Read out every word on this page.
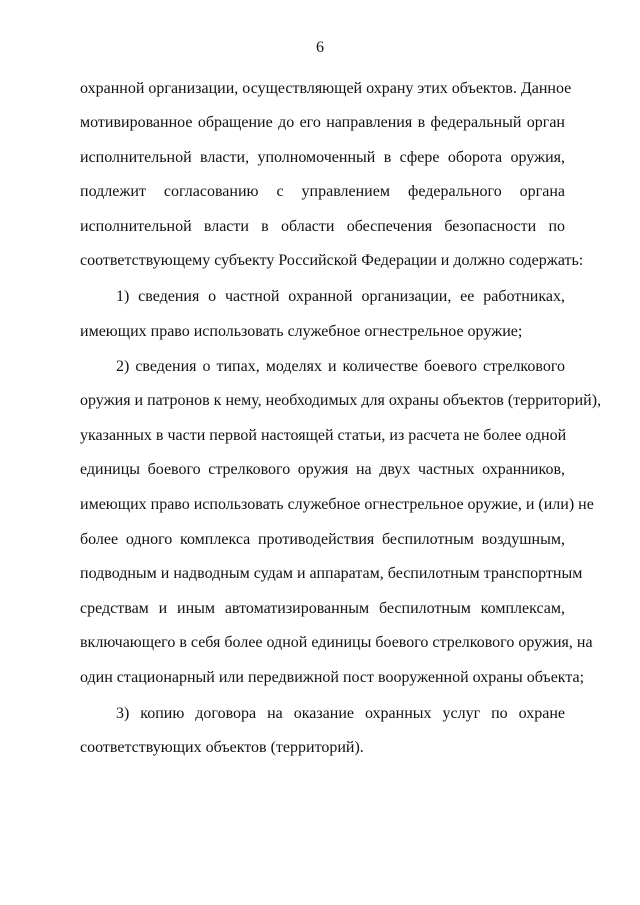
6
охранной организации, осуществляющей охрану этих объектов. Данное
мотивированное обращение до его направления в федеральный орган
исполнительной власти, уполномоченный в сфере оборота оружия,
подлежит согласованию с управлением федерального органа
исполнительной власти в области обеспечения безопасности по
соответствующему субъекту Российской Федерации и должно содержать:
1) сведения о частной охранной организации, ее работниках,
имеющих право использовать служебное огнестрельное оружие;
2) сведения о типах, моделях и количестве боевого стрелкового
оружия и патронов к нему, необходимых для охраны объектов (территорий),
указанных в части первой настоящей статьи, из расчета не более одной
единицы боевого стрелкового оружия на двух частных охранников,
имеющих право использовать служебное огнестрельное оружие, и (или) не
более одного комплекса противодействия беспилотным воздушным,
подводным и надводным судам и аппаратам, беспилотным транспортным
средствам и иным автоматизированным беспилотным комплексам,
включающего в себя более одной единицы боевого стрелкового оружия, на
один стационарный или передвижной пост вооруженной охраны объекта;
3) копию договора на оказание охранных услуг по охране
соответствующих объектов (территорий).
